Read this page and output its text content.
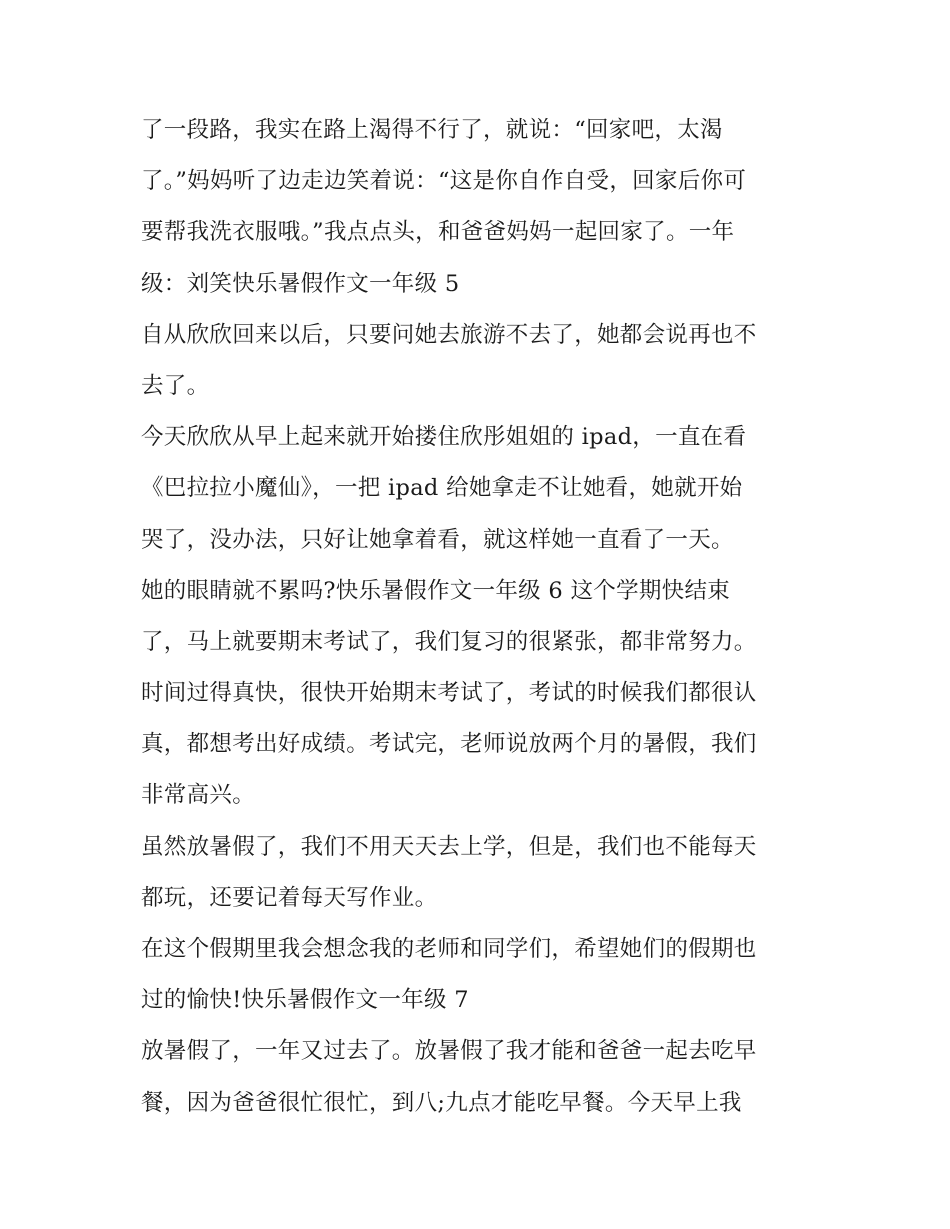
了一段路，我实在路上渴得不行了，就说：“回家吧，太渴
了。”妈妈听了边走边笑着说：“这是你自作自受，回家后你可
要帮我洗衣服哦。”我点点头，和爸爸妈妈一起回家了。一年
级：刘笑快乐暑假作文一年级 5
自从欣欣回来以后，只要问她去旅游不去了，她都会说再也不
去了。
今天欣欣从早上起来就开始搂住欣彤姐姐的 ipad，一直在看
《巴拉拉小魔仙》，一把 ipad 给她拿走不让她看，她就开始
哭了，没办法，只好让她拿着看，就这样她一直看了一天。
她的眼睛就不累吗?快乐暑假作文一年级 6 这个学期快结束
了，马上就要期末考试了，我们复习的很紧张，都非常努力。
时间过得真快，很快开始期末考试了，考试的时候我们都很认
真，都想考出好成绩。考试完，老师说放两个月的暑假，我们
非常高兴。
虽然放暑假了，我们不用天天去上学，但是，我们也不能每天
都玩，还要记着每天写作业。
在这个假期里我会想念我的老师和同学们，希望她们的假期也
过的愉快!快乐暑假作文一年级 7
放暑假了，一年又过去了。放暑假了我才能和爸爸一起去吃早
餐，因为爸爸很忙很忙，到八;九点才能吃早餐。今天早上我
